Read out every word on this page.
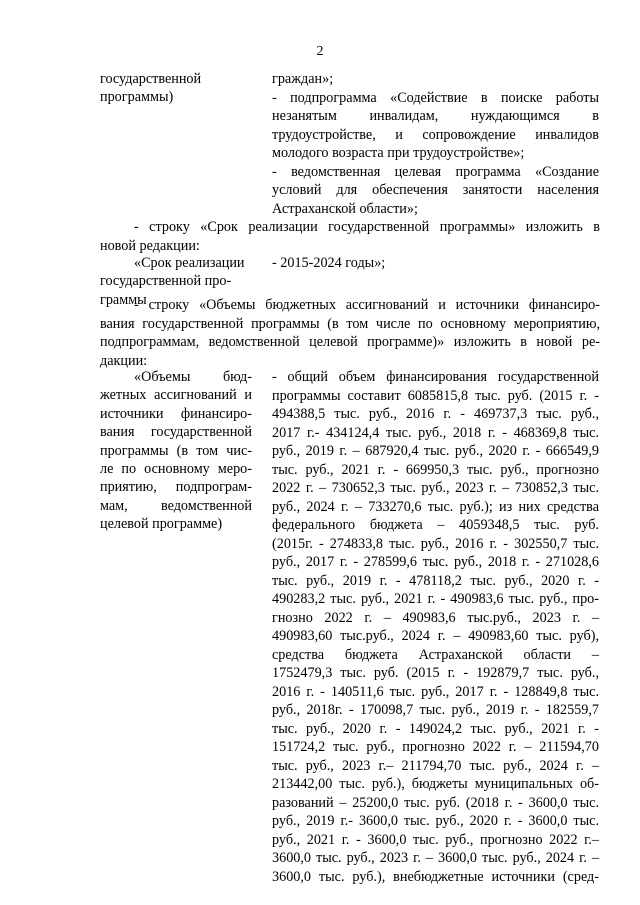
2
государственной
программы)
граждан»;
- подпрограмма «Содействие в поиске работы
незанятым инвалидам, нуждающимся в
трудоустройстве, и сопровождение инвалидов
молодого возраста при трудоустройстве»;
- ведомственная целевая программа «Создание
условий для обеспечения занятости населения
Астраханской области»;
- строку «Срок реализации государственной программы» изложить в
новой редакции:
«Срок реализации
государственной про-
граммы
- 2015-2024 годы»;
- строку «Объемы бюджетных ассигнований и источники финансиро-
вания государственной программы (в том числе по основному мероприятию,
подпрограммам, ведомственной целевой программе)» изложить в новой ре-
дакции:
«Объемы бюд-
жетных ассигнований и
источники финансиро-
вания государственной
программы (в том чис-
ле по основному меро-
приятию, подпрограм-
мам, ведомственной
целевой программе)
- общий объем финансирования государственной
программы составит 6085815,8 тыс. руб. (2015 г. -
494388,5 тыс. руб., 2016 г. - 469737,3 тыс. руб.,
2017 г.- 434124,4 тыс. руб., 2018 г. - 468369,8 тыс.
руб., 2019 г. – 687920,4 тыс. руб., 2020 г. - 666549,9
тыс. руб., 2021 г. - 669950,3 тыс. руб., прогнозно
2022 г. – 730652,3 тыс. руб., 2023 г. – 730852,3 тыс.
руб., 2024 г. – 733270,6 тыс. руб.); из них средства
федерального бюджета – 4059348,5 тыс. руб.
(2015г. - 274833,8 тыс. руб., 2016 г. - 302550,7 тыс.
руб., 2017 г. - 278599,6 тыс. руб., 2018 г. - 271028,6
тыс. руб., 2019 г. - 478118,2 тыс. руб., 2020 г. -
490283,2 тыс. руб., 2021 г. - 490983,6 тыс. руб., про-
гнозно 2022 г. – 490983,6 тыс.руб., 2023 г. –
490983,60 тыс.руб., 2024 г. – 490983,60 тыс. руб),
средства бюджета Астраханской области –
1752479,3 тыс. руб. (2015 г. - 192879,7 тыс. руб.,
2016 г. - 140511,6 тыс. руб., 2017 г. - 128849,8 тыс.
руб., 2018г. - 170098,7 тыс. руб., 2019 г. - 182559,7
тыс. руб., 2020 г. - 149024,2 тыс. руб., 2021 г. -
151724,2 тыс. руб., прогнозно 2022 г. – 211594,70
тыс. руб., 2023 г.– 211794,70 тыс. руб., 2024 г. –
213442,00 тыс. руб.), бюджеты муниципальных об-
разований – 25200,0 тыс. руб. (2018 г. - 3600,0 тыс.
руб., 2019 г.- 3600,0 тыс. руб., 2020 г. - 3600,0 тыс.
руб., 2021 г. - 3600,0 тыс. руб., прогнозно 2022 г.–
3600,0 тыс. руб., 2023 г. – 3600,0 тыс. руб., 2024 г. –
3600,0 тыс. руб.), внебюджетные источники (сред-
